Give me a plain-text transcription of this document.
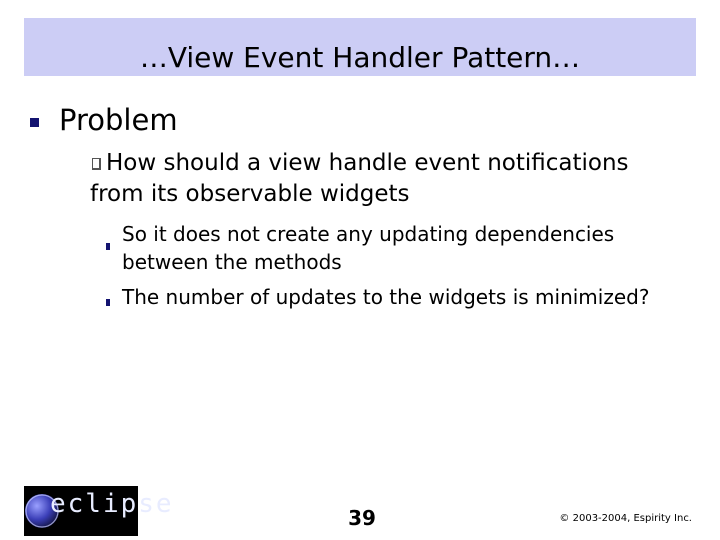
…View Event Handler Pattern…
Problem
How should a view handle event notifications
from its observable widgets
So it does not create any updating dependencies
between the methods
The number of updates to the widgets is minimized?
eclipse	39	© 2003-2004, Espirity Inc.
